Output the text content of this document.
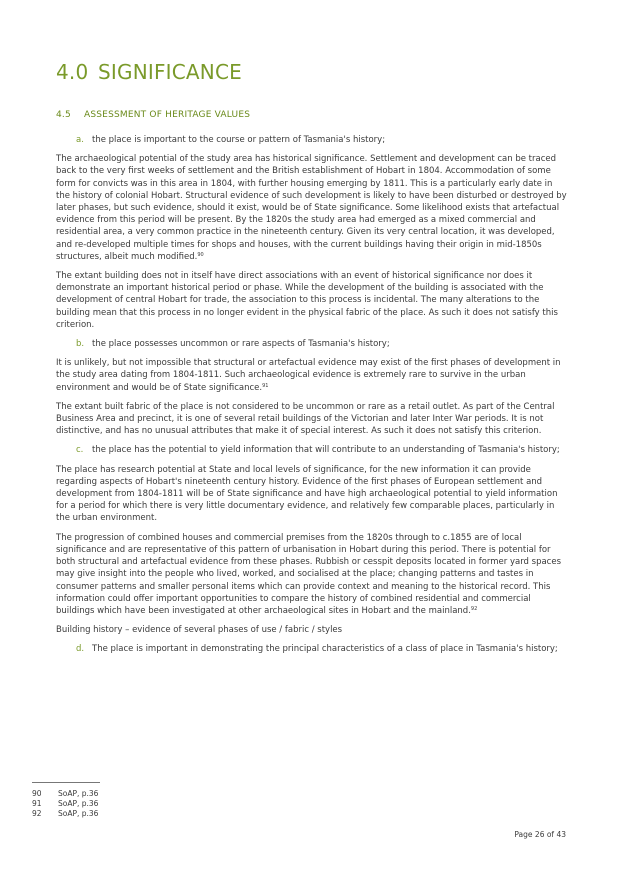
4.0 SIGNIFICANCE
4.5 ASSESSMENT OF HERITAGE VALUES
a. the place is important to the course or pattern of Tasmania's history;

The archaeological potential of the study area has historical significance. Settlement and development can be traced back to the very first weeks of settlement and the British establishment of Hobart in 1804. Accommodation of some form for convicts was in this area in 1804, with further housing emerging by 1811. This is a particularly early date in the history of colonial Hobart. Structural evidence of such development is likely to have been disturbed or destroyed by later phases, but such evidence, should it exist, would be of State significance. Some likelihood exists that artefactual evidence from this period will be present. By the 1820s the study area had emerged as a mixed commercial and residential area, a very common practice in the nineteenth century. Given its very central location, it was developed, and re-developed multiple times for shops and houses, with the current buildings having their origin in mid-1850s structures, albeit much modified.$^{90}$

The extant building does not in itself have direct associations with an event of historical significance nor does it demonstrate an important historical period or phase. While the development of the building is associated with the development of central Hobart for trade, the association to this process is incidental. The many alterations to the building mean that this process in no longer evident in the physical fabric of the place. As such it does not satisfy this criterion.

b. the place possesses uncommon or rare aspects of Tasmania's history;

It is unlikely, but not impossible that structural or artefactual evidence may exist of the first phases of development in the study area dating from 1804-1811. Such archaeological evidence is extremely rare to survive in the urban environment and would be of State significance.$^{91}$

The extant built fabric of the place is not considered to be uncommon or rare as a retail outlet. As part of the Central Business Area and precinct, it is one of several retail buildings of the Victorian and later Inter War periods. It is not distinctive, and has no unusual attributes that make it of special interest. As such it does not satisfy this criterion.

c. the place has the potential to yield information that will contribute to an understanding of Tasmania's history;

The place has research potential at State and local levels of significance, for the new information it can provide regarding aspects of Hobart's nineteenth century history. Evidence of the first phases of European settlement and development from 1804-1811 will be of State significance and have high archaeological potential to yield information for a period for which there is very little documentary evidence, and relatively few comparable places, particularly in the urban environment.

The progression of combined houses and commercial premises from the 1820s through to c.1855 are of local significance and are representative of this pattern of urbanisation in Hobart during this period. There is potential for both structural and artefactual evidence from these phases. Rubbish or cesspit deposits located in former yard spaces may give insight into the people who lived, worked, and socialised at the place; changing patterns and tastes in consumer patterns and smaller personal items which can provide context and meaning to the historical record. This information could offer important opportunities to compare the history of combined residential and commercial buildings which have been investigated at other archaeological sites in Hobart and the mainland.$^{92}$

Building history – evidence of several phases of use / fabric / styles

d. The place is important in demonstrating the principal characteristics of a class of place in Tasmania's history;
90	SoAP, p.36
91	SoAP, p.36
92	SoAP, p.36
Page 26 of 43
